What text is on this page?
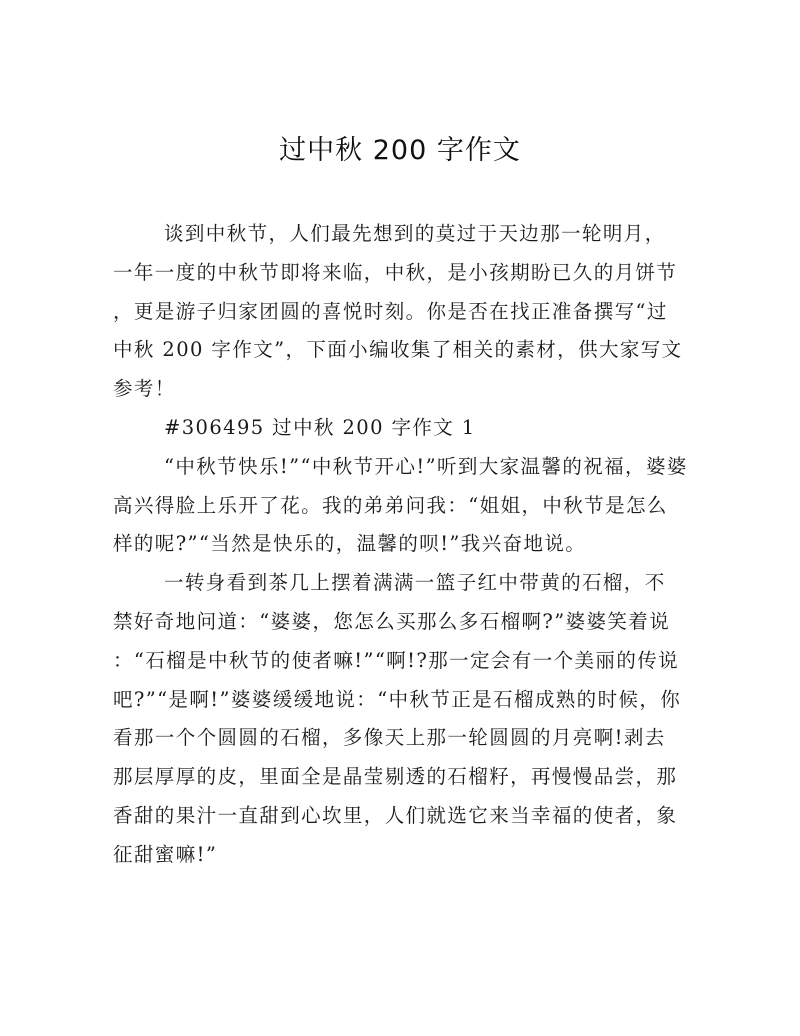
过中秋 200 字作文
谈到中秋节，人们最先想到的莫过于天边那一轮明月，
一年一度的中秋节即将来临，中秋，是小孩期盼已久的月饼节
，更是游子归家团圆的喜悦时刻。你是否在找正准备撰写“过
中秋 200 字作文”，下面小编收集了相关的素材，供大家写文
参考！
#306495 过中秋 200 字作文 1
“中秋节快乐!”“中秋节开心!”听到大家温馨的祝福，婆婆
高兴得脸上乐开了花。我的弟弟问我：“姐姐，中秋节是怎么
样的呢?”“当然是快乐的，温馨的呗!”我兴奋地说。
一转身看到茶几上摆着满满一篮子红中带黄的石榴，不
禁好奇地问道：“婆婆，您怎么买那么多石榴啊?”婆婆笑着说
：“石榴是中秋节的使者嘛!”“啊!?那一定会有一个美丽的传说
吧?”“是啊!”婆婆缓缓地说：“中秋节正是石榴成熟的时候，你
看那一个个圆圆的石榴，多像天上那一轮圆圆的月亮啊!剥去
那层厚厚的皮，里面全是晶莹剔透的石榴籽，再慢慢品尝，那
香甜的果汁一直甜到心坎里，人们就选它来当幸福的使者，象
征甜蜜嘛!”
